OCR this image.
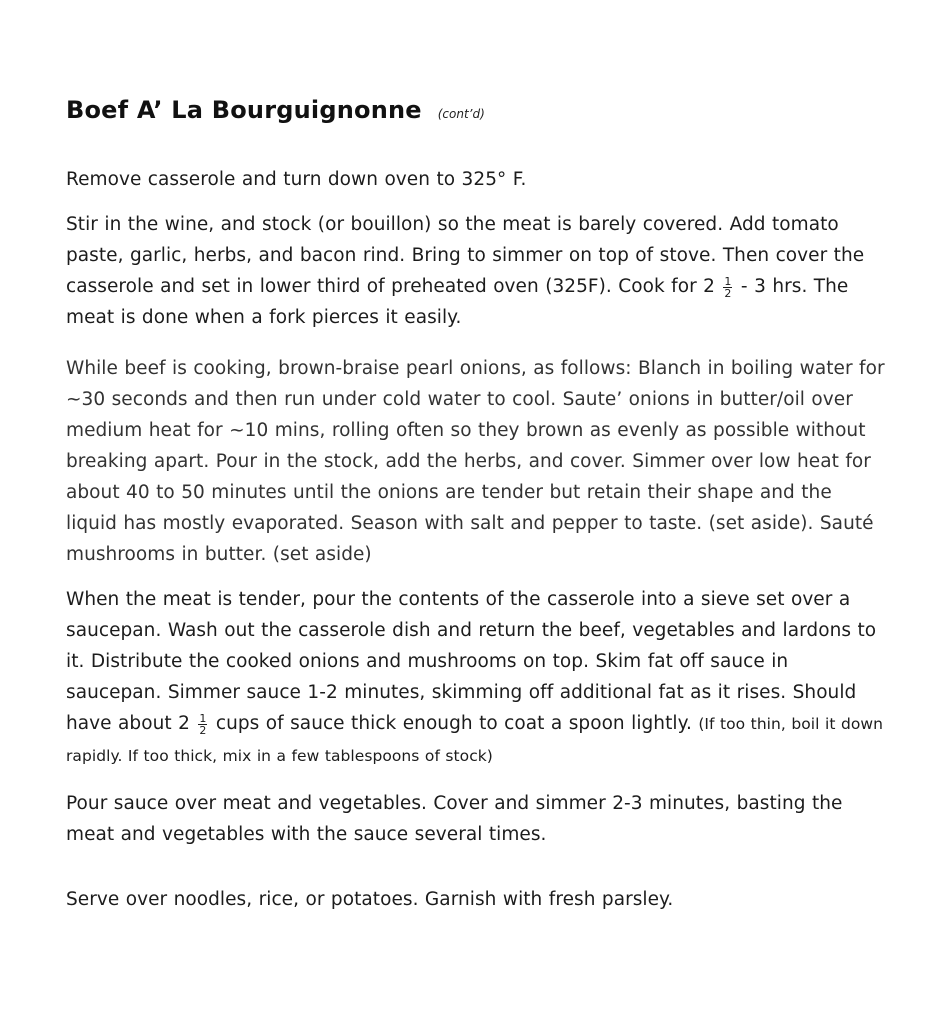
Boef A’ La Bourguignonne (cont’d)

Remove casserole and turn down oven to 325° F.

Stir in the wine, and stock (or bouillon) so the meat is barely covered. Add tomato paste, garlic, herbs, and bacon rind. Bring to simmer on top of stove. Then cover the casserole and set in lower third of preheated oven (325F). Cook for $2 \frac{1}{2} - 3$ hrs. The meat is done when a fork pierces it easily.

While beef is cooking, brown-braise pearl onions, as follows: Blanch in boiling water for ~30 seconds and then run under cold water to cool. Saute’ onions in butter/oil over medium heat for ~10 mins, rolling often so they brown as evenly as possible without breaking apart. Pour in the stock, add the herbs, and cover. Simmer over low heat for about 40 to 50 minutes until the onions are tender but retain their shape and the liquid has mostly evaporated. Season with salt and pepper to taste. (set aside). Sauté mushrooms in butter. (set aside)

When the meat is tender, pour the contents of the casserole into a sieve set over a saucepan. Wash out the casserole dish and return the beef, vegetables and lardons to it. Distribute the cooked onions and mushrooms on top. Skim fat off sauce in saucepan. Simmer sauce 1-2 minutes, skimming off additional fat as it rises. Should have about $2 \frac{1}{2}$ cups of sauce thick enough to coat a spoon lightly. (If too thin, boil it down rapidly. If too thick, mix in a few tablespoons of stock)

Pour sauce over meat and vegetables. Cover and simmer 2-3 minutes, basting the meat and vegetables with the sauce several times.

Serve over noodles, rice, or potatoes. Garnish with fresh parsley.
